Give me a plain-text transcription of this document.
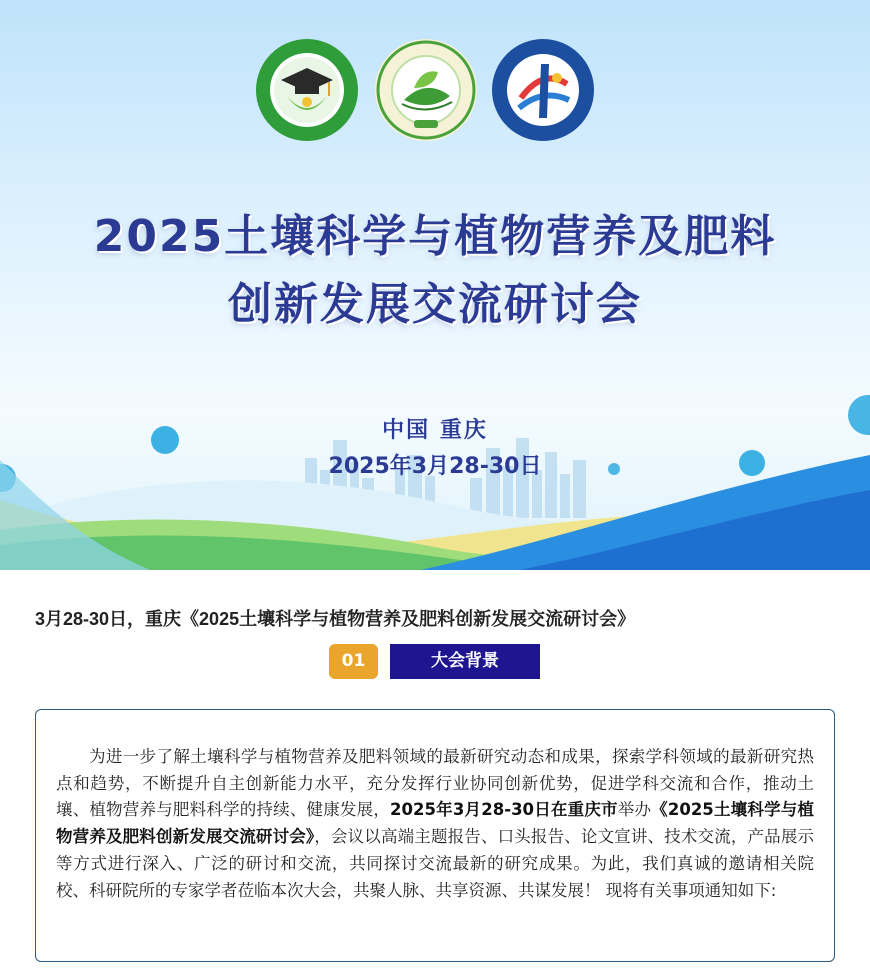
2025土壤科学与植物营养及肥料
创新发展交流研讨会
中国 重庆
2025年3月28-30日
3月28-30日，重庆《2025土壤科学与植物营养及肥料创新发展交流研讨会》
01	大会背景

为进一步了解土壤科学与植物营养及肥料领域的最新研究动态和成果，探索学科领域的最新研究热点和趋势，不断提升自主创新能力水平，充分发挥行业协同创新优势，促进学科交流和合作，推动土壤、植物营养与肥料科学的持续、健康发展，2025年3月28-30日在重庆市举办《2025土壤科学与植物营养及肥料创新发展交流研讨会》，会议以高端主题报告、口头报告、论文宣讲、技术交流，产品展示等方式进行深入、广泛的研讨和交流，共同探讨交流最新的研究成果。为此，我们真诚的邀请相关院校、科研院所的专家学者莅临本次大会，共聚人脉、共享资源、共谋发展！ 现将有关事项通知如下:
